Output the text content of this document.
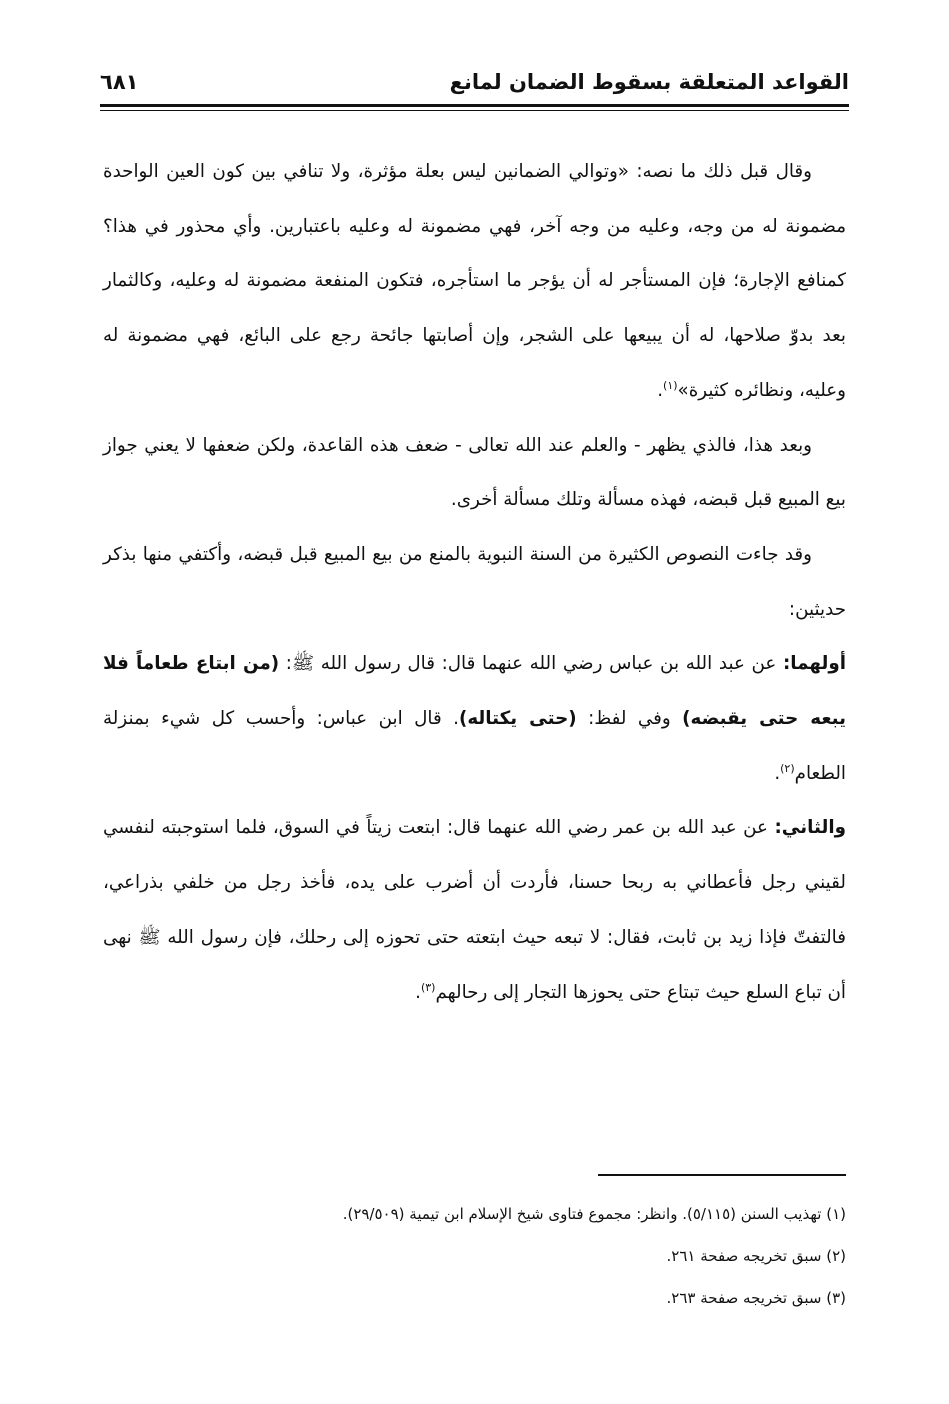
القواعد المتعلقة بسقوط الضمان لمانع
٦٨١

وقال قبل ذلك ما نصه: «وتوالي الضمانين ليس بعلة مؤثرة، ولا تنافي بين كون العين الواحدة مضمونة له من وجه، وعليه من وجه آخر، فهي مضمونة له وعليه باعتبارين. وأي محذور في هذا؟ كمنافع الإجارة؛ فإن المستأجر له أن يؤجر ما استأجره، فتكون المنفعة مضمونة له وعليه، وكالثمار بعد بدوّ صلاحها، له أن يبيعها على الشجر، وإن أصابتها جائحة رجع على البائع، فهي مضمونة له وعليه، ونظائره كثيرة»$^{(١)}$.

وبعد هذا، فالذي يظهر - والعلم عند الله تعالى - ضعف هذه القاعدة، ولكن ضعفها لا يعني جواز بيع المبيع قبل قبضه، فهذه مسألة وتلك مسألة أخرى.

وقد جاءت النصوص الكثيرة من السنة النبوية بالمنع من بيع المبيع قبل قبضه، وأكتفي منها بذكر حديثين:

أولهما: عن عبد الله بن عباس رضي الله عنهما قال: قال رسول الله ﷺ: (من ابتاع طعاماً فلا يبعه حتى يقبضه) وفي لفظ: (حتى يكتاله). قال ابن عباس: وأحسب كل شيء بمنزلة الطعام$^{(٢)}$.

والثاني: عن عبد الله بن عمر رضي الله عنهما قال: ابتعت زيتاً في السوق، فلما استوجبته لنفسي لقيني رجل فأعطاني به ربحا حسنا، فأردت أن أضرب على يده، فأخذ رجل من خلفي بذراعي، فالتفتّ فإذا زيد بن ثابت، فقال: لا تبعه حيث ابتعته حتى تحوزه إلى رحلك، فإن رسول الله ﷺ نهى أن تباع السلع حيث تبتاع حتى يحوزها التجار إلى رحالهم$^{(٣)}$.

(١) تهذيب السنن (٥/١١٥). وانظر: مجموع فتاوى شيخ الإسلام ابن تيمية (٢٩/٥٠٩).
(٢) سبق تخريجه صفحة ٢٦١.
(٣) سبق تخريجه صفحة ٢٦٣.
